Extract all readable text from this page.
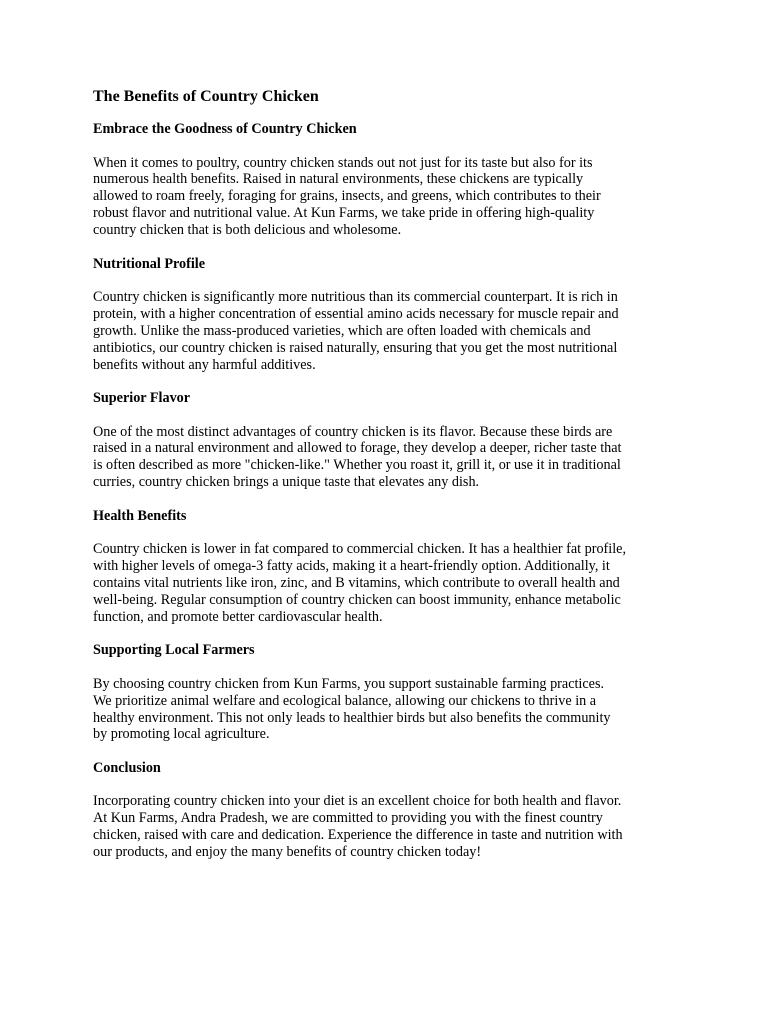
The Benefits of Country Chicken
Embrace the Goodness of Country Chicken
When it comes to poultry, country chicken stands out not just for its taste but also for its
numerous health benefits. Raised in natural environments, these chickens are typically
allowed to roam freely, foraging for grains, insects, and greens, which contributes to their
robust flavor and nutritional value. At Kun Farms, we take pride in offering high-quality
country chicken that is both delicious and wholesome.
Nutritional Profile
Country chicken is significantly more nutritious than its commercial counterpart. It is rich in
protein, with a higher concentration of essential amino acids necessary for muscle repair and
growth. Unlike the mass-produced varieties, which are often loaded with chemicals and
antibiotics, our country chicken is raised naturally, ensuring that you get the most nutritional
benefits without any harmful additives.
Superior Flavor
One of the most distinct advantages of country chicken is its flavor. Because these birds are
raised in a natural environment and allowed to forage, they develop a deeper, richer taste that
is often described as more "chicken-like." Whether you roast it, grill it, or use it in traditional
curries, country chicken brings a unique taste that elevates any dish.
Health Benefits
Country chicken is lower in fat compared to commercial chicken. It has a healthier fat profile,
with higher levels of omega-3 fatty acids, making it a heart-friendly option. Additionally, it
contains vital nutrients like iron, zinc, and B vitamins, which contribute to overall health and
well-being. Regular consumption of country chicken can boost immunity, enhance metabolic
function, and promote better cardiovascular health.
Supporting Local Farmers
By choosing country chicken from Kun Farms, you support sustainable farming practices.
We prioritize animal welfare and ecological balance, allowing our chickens to thrive in a
healthy environment. This not only leads to healthier birds but also benefits the community
by promoting local agriculture.
Conclusion
Incorporating country chicken into your diet is an excellent choice for both health and flavor.
At Kun Farms, Andra Pradesh, we are committed to providing you with the finest country
chicken, raised with care and dedication. Experience the difference in taste and nutrition with
our products, and enjoy the many benefits of country chicken today!
